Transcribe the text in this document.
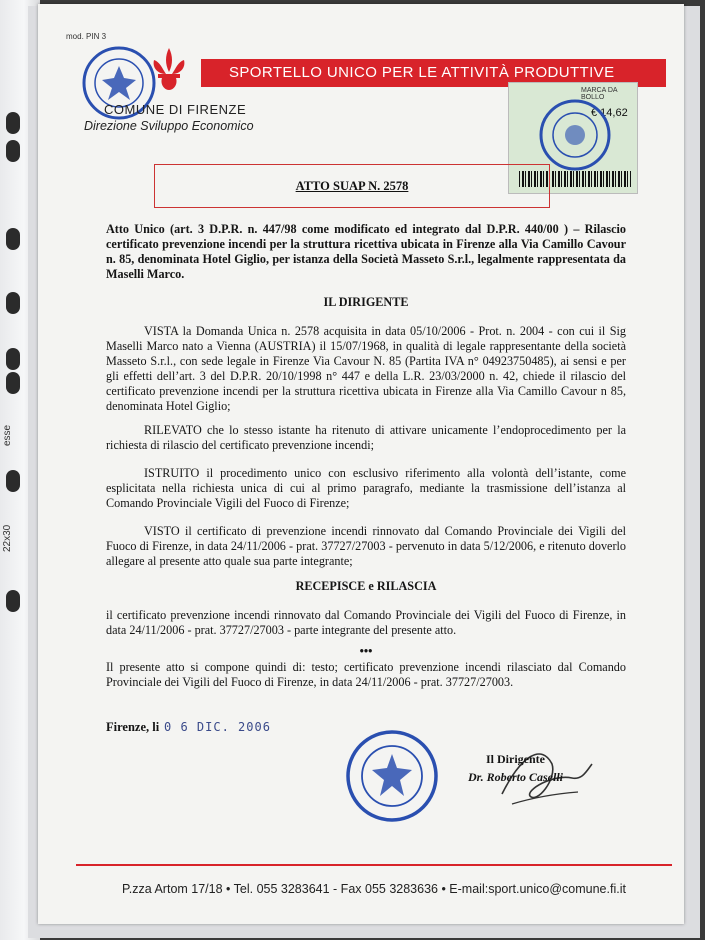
esse
22x30
mod. PIN 3
SPORTELLO UNICO PER LE ATTIVITÀ PRODUTTIVE
COMUNE DI FIRENZE
Direzione Sviluppo Economico
MARCA DA BOLLO
€ 14,62
ATTO SUAP N. 2578
Atto Unico (art. 3 D.P.R. n. 447/98 come modificato ed integrato dal D.P.R. 440/00 ) – Rilascio certificato prevenzione incendi per la struttura ricettiva ubicata in Firenze alla Via Camillo Cavour n. 85, denominata Hotel Giglio, per istanza della Società Masseto S.r.l., legalmente rappresentata da Maselli Marco.
IL DIRIGENTE
VISTA la Domanda Unica n. 2578 acquisita in data 05/10/2006 - Prot. n. 2004 - con cui il Sig Maselli Marco nato a Vienna (AUSTRIA) il 15/07/1968, in qualità di legale rappresentante della società Masseto S.r.l., con sede legale in Firenze Via Cavour N. 85 (Partita IVA n° 04923750485), ai sensi e per gli effetti dell’art. 3 del D.P.R. 20/10/1998 n° 447 e della L.R. 23/03/2000 n. 42, chiede il rilascio del certificato prevenzione incendi per la struttura ricettiva ubicata in Firenze alla Via Camillo Cavour n 85, denominata Hotel Giglio;
RILEVATO che lo stesso istante ha ritenuto di attivare unicamente l’endoprocedimento per la richiesta di rilascio del certificato prevenzione incendi;
ISTRUITO il procedimento unico con esclusivo riferimento alla volontà dell’istante, come esplicitata nella richiesta unica di cui al primo paragrafo, mediante la trasmissione dell’istanza al Comando Provinciale Vigili del Fuoco di Firenze;
VISTO il certificato di prevenzione incendi rinnovato dal Comando Provinciale dei Vigili del Fuoco di Firenze, in data 24/11/2006 - prat. 37727/27003 - pervenuto in data 5/12/2006, e ritenuto doverlo allegare al presente atto quale sua parte integrante;
RECEPISCE e RILASCIA
il certificato prevenzione incendi rinnovato dal Comando Provinciale dei Vigili del Fuoco di Firenze, in data 24/11/2006 - prat. 37727/27003 - parte integrante del presente atto.
•••
Il presente atto si compone quindi di: testo; certificato prevenzione incendi rilasciato dal Comando Provinciale dei Vigili del Fuoco di Firenze, in data 24/11/2006 - prat. 37727/27003.
Firenze, li 0 6 DIC. 2006
Il Dirigente
Dr. Roberto Caselli
P.zza Artom 17/18 • Tel. 055 3283641 - Fax 055 3283636 • E-mail:sport.unico@comune.fi.it
